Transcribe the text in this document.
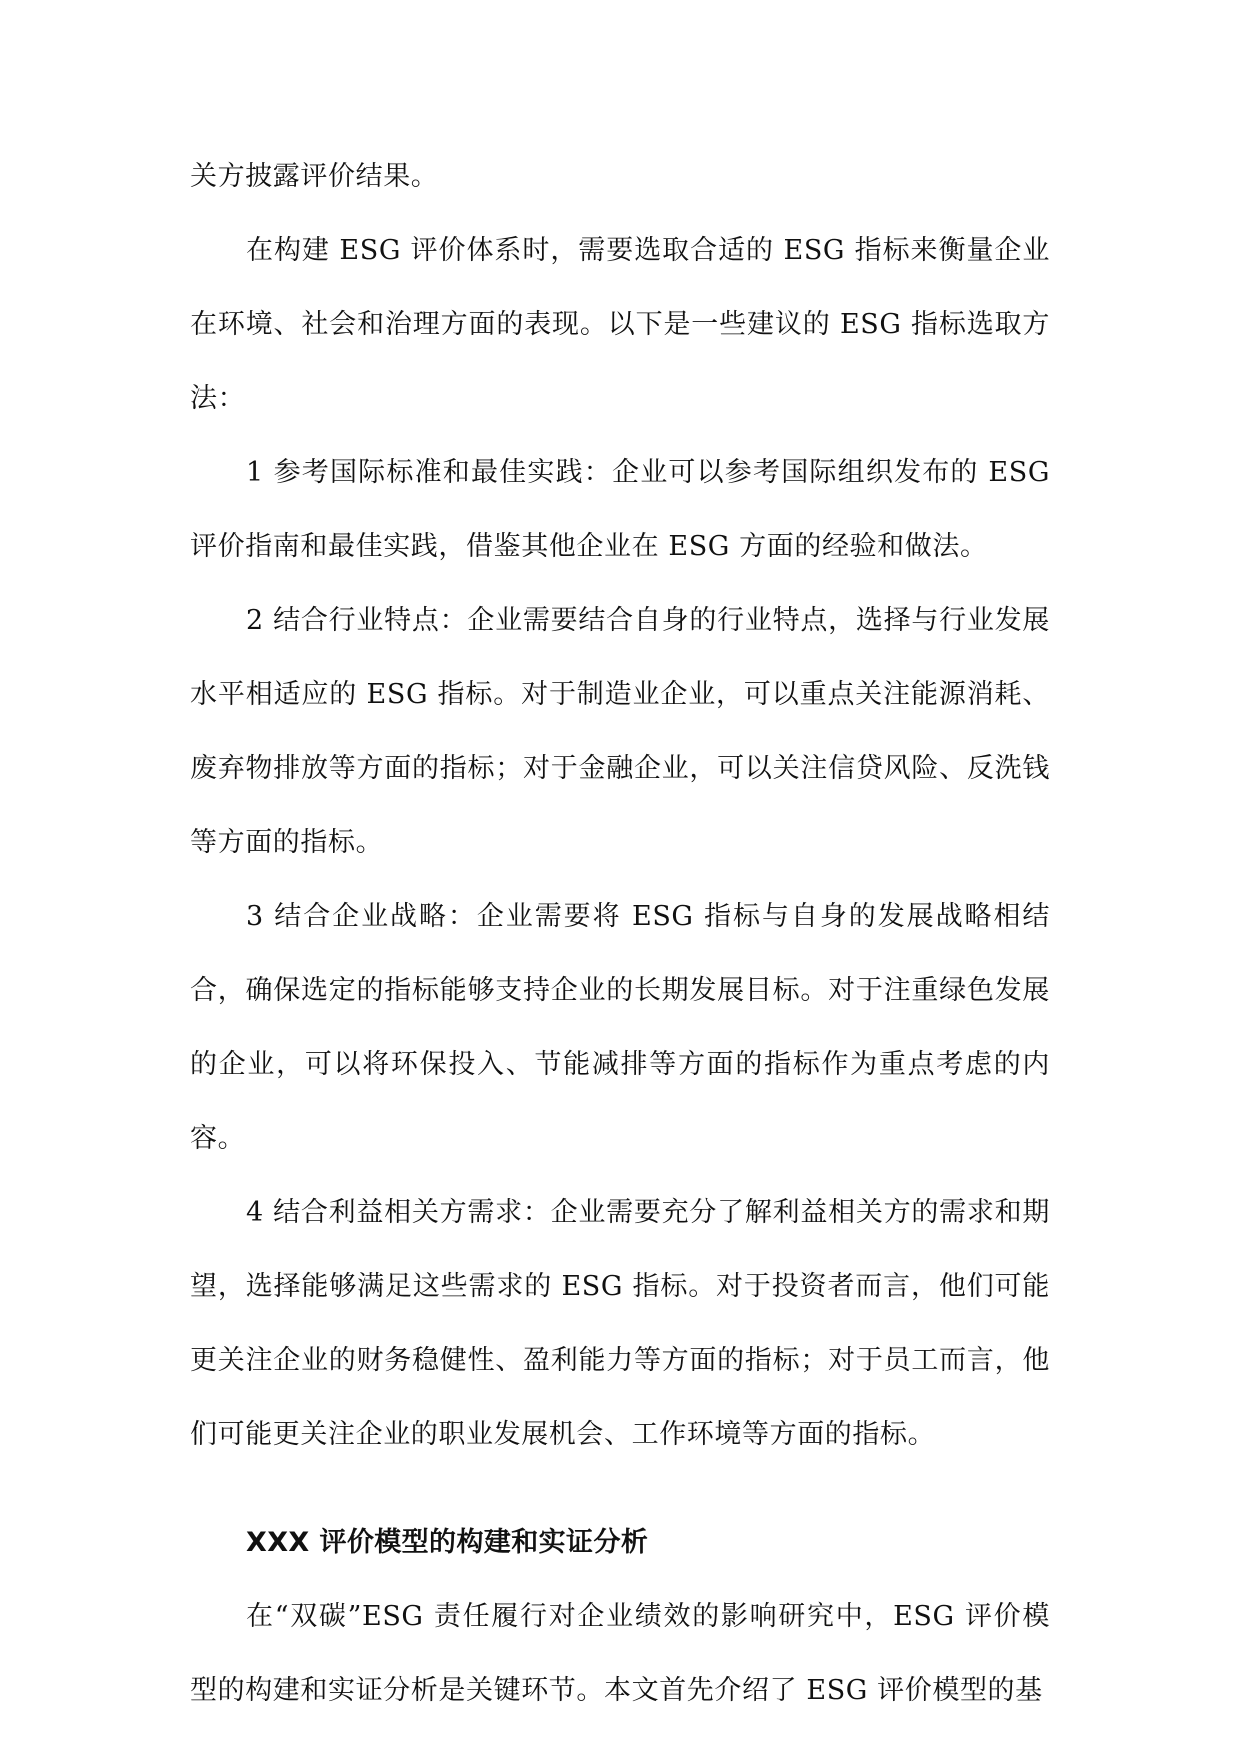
关方披露评价结果。

在构建 ESG 评价体系时，需要选取合适的 ESG 指标来衡量企业在环境、社会和治理方面的表现。以下是一些建议的 ESG 指标选取方法：

1 参考国际标准和最佳实践：企业可以参考国际组织发布的 ESG 评价指南和最佳实践，借鉴其他企业在 ESG 方面的经验和做法。

2 结合行业特点：企业需要结合自身的行业特点，选择与行业发展水平相适应的 ESG 指标。对于制造业企业，可以重点关注能源消耗、废弃物排放等方面的指标；对于金融企业，可以关注信贷风险、反洗钱等方面的指标。

3 结合企业战略：企业需要将 ESG 指标与自身的发展战略相结合，确保选定的指标能够支持企业的长期发展目标。对于注重绿色发展的企业，可以将环保投入、节能减排等方面的指标作为重点考虑的内容。

4 结合利益相关方需求：企业需要充分了解利益相关方的需求和期望，选择能够满足这些需求的 ESG 指标。对于投资者而言，他们可能更关注企业的财务稳健性、盈利能力等方面的指标；对于员工而言，他们可能更关注企业的职业发展机会、工作环境等方面的指标。

XXX 评价模型的构建和实证分析

在“双碳”ESG 责任履行对企业绩效的影响研究中，ESG 评价模型的构建和实证分析是关键环节。本文首先介绍了 ESG 评价模型的基
